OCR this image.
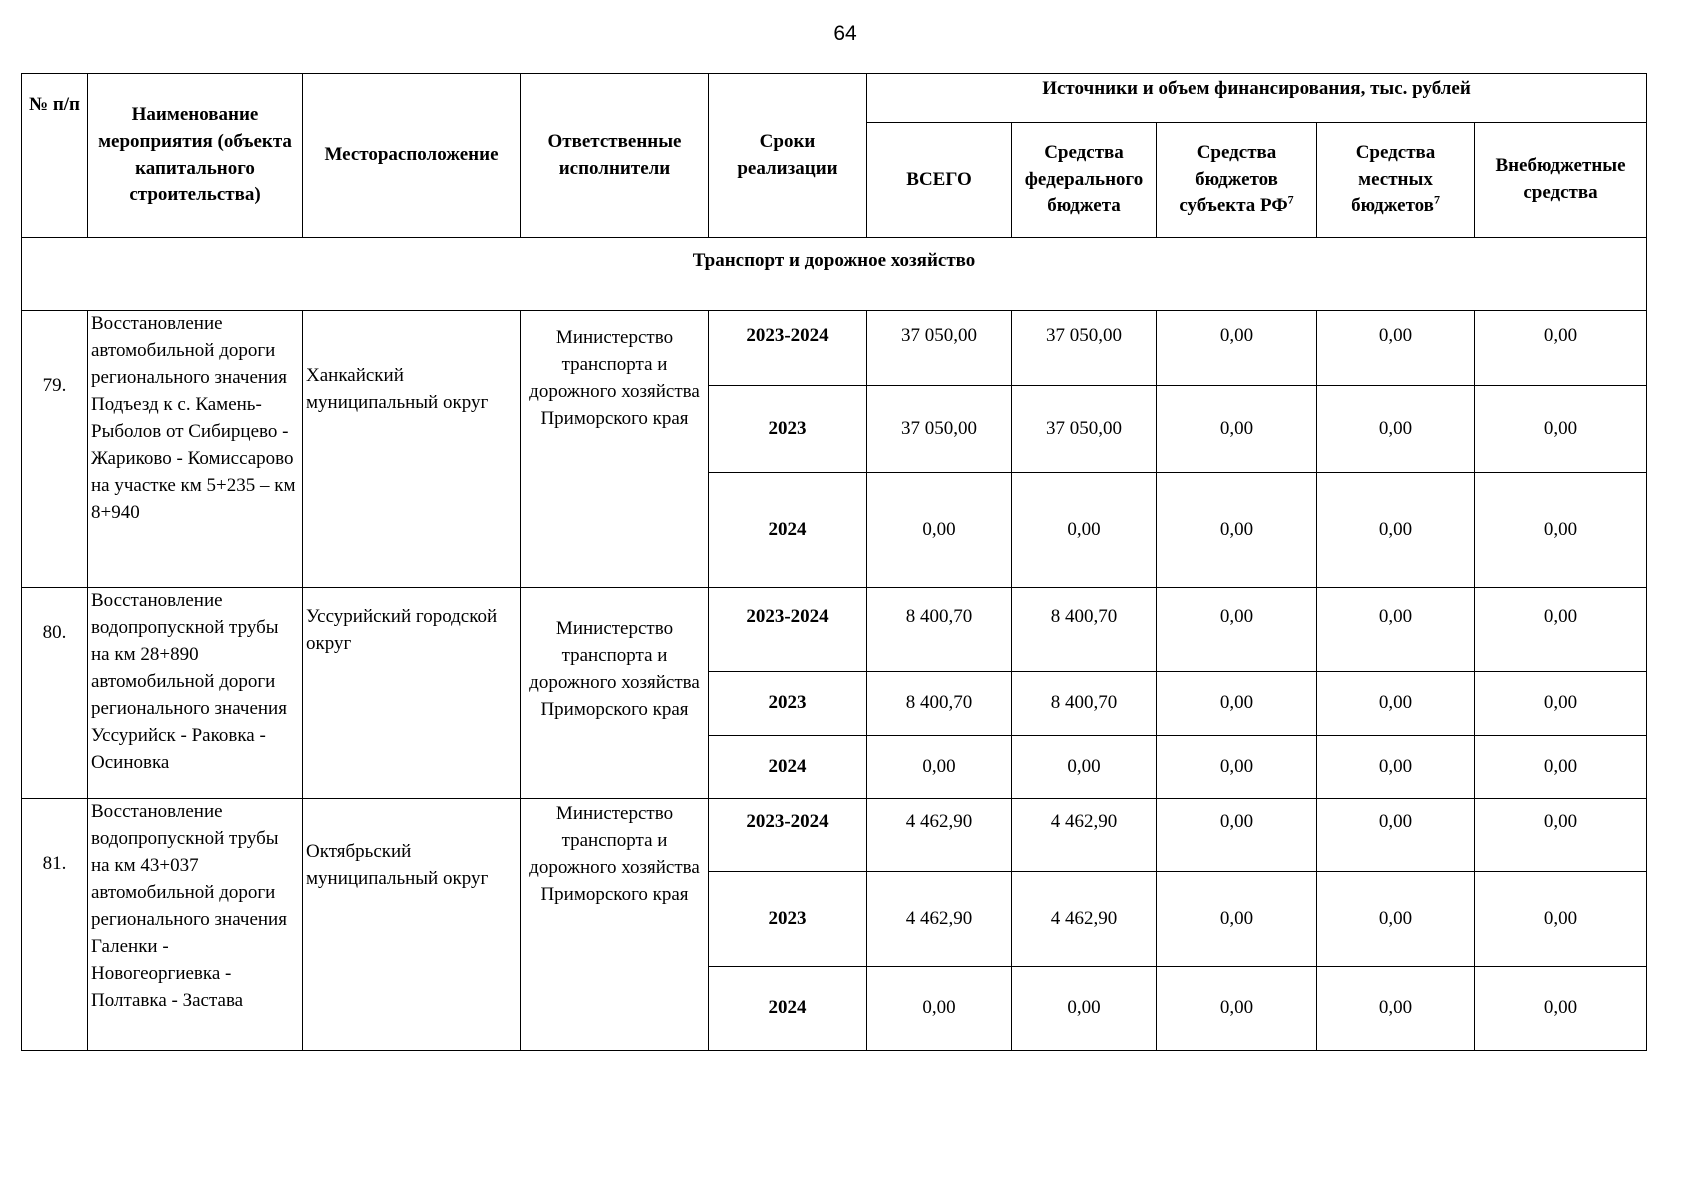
64
№ п/п	Наименование мероприятия (объекта капитального строительства)	Месторасположение	Ответственные исполнители	Сроки реализации	Источники и объем финансирования, тыс. рублей				
					ВСЕГО	Средства федерального бюджета	Средства бюджетов субъекта $РФ^7$	Средства местных бюджетов$^7$	Внебюджетные средства
Транспорт и дорожное хозяйство									
79.	Восстановление автомобильной дороги регионального значения Подъезд к с. Камень-Рыболов от Сибирцево - Жариково - Комиссарово на участке км 5+235 – км 8+940	Ханкайский муниципальный округ	Министерство транспорта и дорожного хозяйства Приморского края	2023-2024	37 050,00	37 050,00	0,00	0,00	0,00
				2023	37 050,00	37 050,00	0,00	0,00	0,00
				2024	0,00	0,00	0,00	0,00	0,00
80.	Восстановление водопропускной трубы на км 28+890 автомобильной дороги регионального значения Уссурийск - Раковка - Осиновка	Уссурийский городской округ	Министерство транспорта и дорожного хозяйства Приморского края	2023-2024	8 400,70	8 400,70	0,00	0,00	0,00
				2023	8 400,70	8 400,70	0,00	0,00	0,00
				2024	0,00	0,00	0,00	0,00	0,00
81.	Восстановление водопропускной трубы на км 43+037 автомобильной дороги регионального значения Галенки - Новогеоргиевка - Полтавка - Застава	Октябрьский муниципальный округ	Министерство транспорта и дорожного хозяйства Приморского края	2023-2024	4 462,90	4 462,90	0,00	0,00	0,00
				2023	4 462,90	4 462,90	0,00	0,00	0,00
				2024	0,00	0,00	0,00	0,00	0,00
